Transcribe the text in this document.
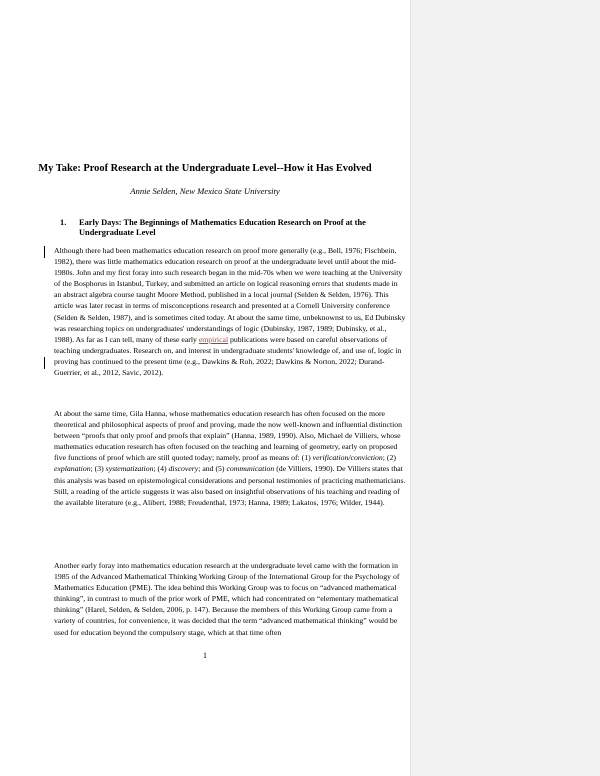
My Take: Proof Research at the Undergraduate Level--How it Has Evolved
Annie Selden, New Mexico State University
1.	Early Days: The Beginnings of Mathematics Education Research on Proof at the Undergraduate Level

Although there had been mathematics education research on proof more generally (e.g., Bell, 1976; Fischbein, 1982), there was little mathematics education research on proof at the undergraduate level until about the mid-1980s. John and my first foray into such research began in the mid-70s when we were teaching at the University of the Bosphorus in Istanbul, Turkey, and submitted an article on logical reasoning errors that students made in an abstract algebra course taught Moore Method, published in a local journal (Selden & Selden, 1976). This article was later recast in terms of misconceptions research and presented at a Cornell University conference (Selden & Selden, 1987), and is sometimes cited today. At about the same time, unbeknownst to us, Ed Dubinsky was researching topics on undergraduates' understandings of logic (Dubinsky, 1987, 1989; Dubinsky, et al., 1988). As far as I can tell, many of these early empirical publications were based on careful observations of teaching undergraduates. Research on, and interest in undergraduate students' knowledge of, and use of, logic in proving has continued to the present time (e.g., Dawkins & Roh, 2022; Dawkins & Norton, 2022; Durand-Guerrier, et al., 2012, Savic, 2012).

At about the same time, Gila Hanna, whose mathematics education research has often focused on the more theoretical and philosophical aspects of proof and proving, made the now well-known and influential distinction between “proofs that only proof and proofs that explain” (Hanna, 1989, 1990). Also, Michael de Villiers, whose mathematics education research has often focused on the teaching and learning of geometry, early on proposed five functions of proof which are still quoted today; namely, proof as means of: (1) verification/conviction; (2) explanation; (3) systematization; (4) discovery; and (5) communication (de Villiers, 1990). De Villiers states that this analysis was based on epistemological considerations and personal testimonies of practicing mathematicians. Still, a reading of the article suggests it was also based on insightful observations of his teaching and reading of the available literature (e.g., Alibert, 1988; Freudenthal, 1973; Hanna, 1989; Lakatos, 1976; Wilder, 1944).

Another early foray into mathematics education research at the undergraduate level came with the formation in 1985 of the Advanced Mathematical Thinking Working Group of the International Group for the Psychology of Mathematics Education (PME). The idea behind this Working Group was to focus on “advanced mathematical thinking”, in contrast to much of the prior work of PME, which had concentrated on “elementary mathematical thinking” (Harel, Selden, & Selden, 2006, p. 147). Because the members of this Working Group came from a variety of countries, for convenience, it was decided that the term “advanced mathematical thinking” would be used for education beyond the compulsory stage, which at that time often

1
